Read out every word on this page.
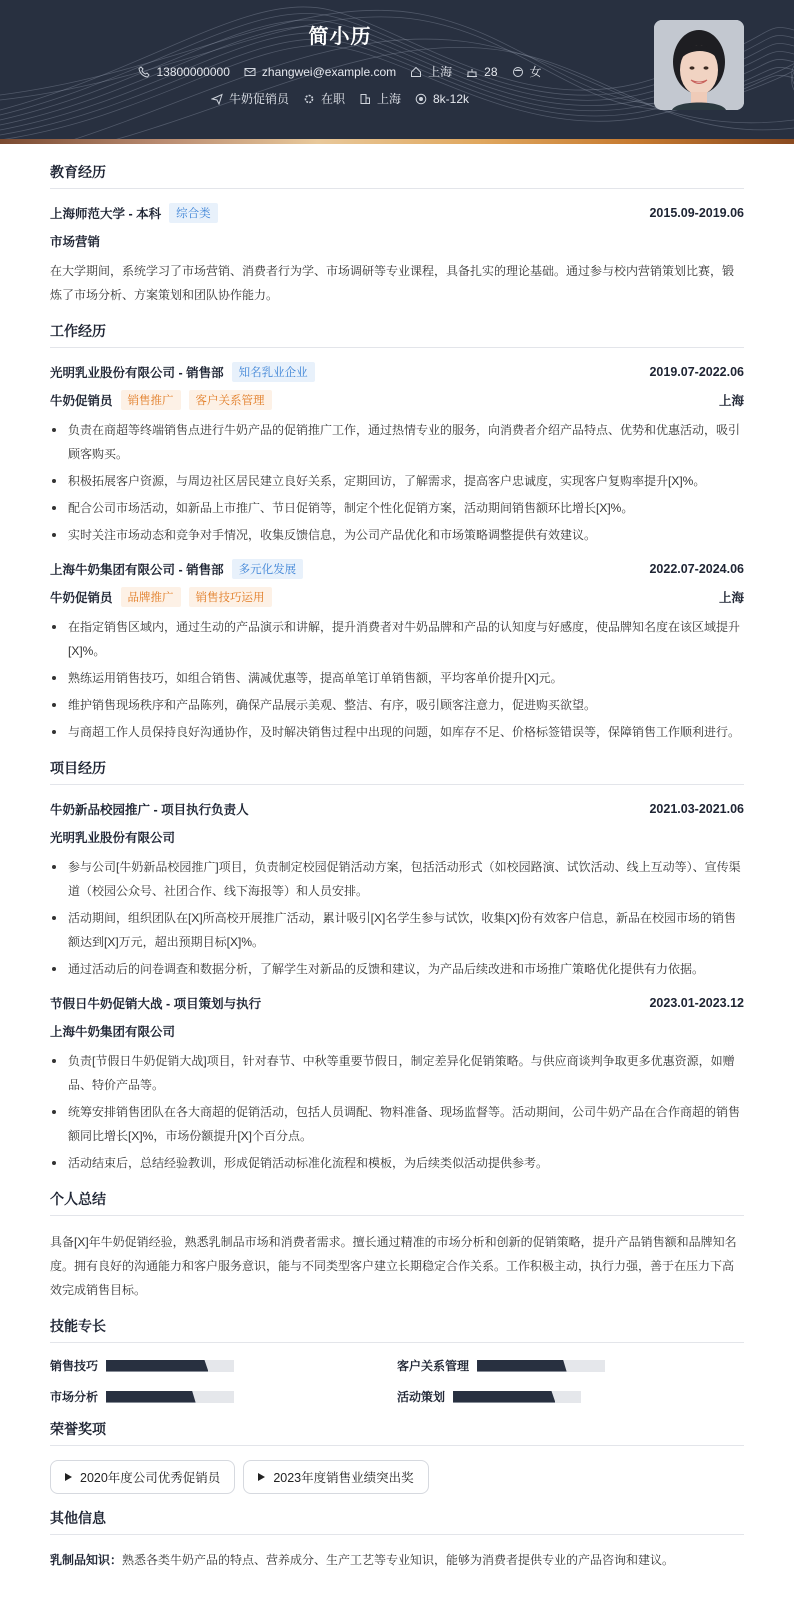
简小历
13800000000	zhangwei@example.com	上海	28	女
牛奶促销员	在职	上海	8k-12k
教育经历
上海师范大学 - 本科	综合类	2015.09-2019.06
市场营销
在大学期间，系统学习了市场营销、消费者行为学、市场调研等专业课程，具备扎实的理论基础。通过参与校内营销策划比赛，锻炼了市场分析、方案策划和团队协作能力。
工作经历
光明乳业股份有限公司 - 销售部	知名乳业企业	2019.07-2022.06
牛奶促销员	销售推广	客户关系管理	上海
负责在商超等终端销售点进行牛奶产品的促销推广工作，通过热情专业的服务，向消费者介绍产品特点、优势和优惠活动，吸引顾客购买。
积极拓展客户资源，与周边社区居民建立良好关系，定期回访，了解需求，提高客户忠诚度，实现客户复购率提升[X]%。
配合公司市场活动，如新品上市推广、节日促销等，制定个性化促销方案，活动期间销售额环比增长[X]%。
实时关注市场动态和竞争对手情况，收集反馈信息，为公司产品优化和市场策略调整提供有效建议。
上海牛奶集团有限公司 - 销售部	多元化发展	2022.07-2024.06
牛奶促销员	品牌推广	销售技巧运用	上海
在指定销售区域内，通过生动的产品演示和讲解，提升消费者对牛奶品牌和产品的认知度与好感度，使品牌知名度在该区域提升[X]%。
熟练运用销售技巧，如组合销售、满减优惠等，提高单笔订单销售额，平均客单价提升[X]元。
维护销售现场秩序和产品陈列，确保产品展示美观、整洁、有序，吸引顾客注意力，促进购买欲望。
与商超工作人员保持良好沟通协作，及时解决销售过程中出现的问题，如库存不足、价格标签错误等，保障销售工作顺利进行。
项目经历
牛奶新品校园推广 - 项目执行负责人	2021.03-2021.06
光明乳业股份有限公司
参与公司[牛奶新品校园推广]项目，负责制定校园促销活动方案，包括活动形式（如校园路演、试饮活动、线上互动等）、宣传渠道（校园公众号、社团合作、线下海报等）和人员安排。
活动期间，组织团队在[X]所高校开展推广活动，累计吸引[X]名学生参与试饮，收集[X]份有效客户信息，新品在校园市场的销售额达到[X]万元，超出预期目标[X]%。
通过活动后的问卷调查和数据分析，了解学生对新品的反馈和建议，为产品后续改进和市场推广策略优化提供有力依据。
节假日牛奶促销大战 - 项目策划与执行	2023.01-2023.12
上海牛奶集团有限公司
负责[节假日牛奶促销大战]项目，针对春节、中秋等重要节假日，制定差异化促销策略。与供应商谈判争取更多优惠资源，如赠品、特价产品等。
统筹安排销售团队在各大商超的促销活动，包括人员调配、物料准备、现场监督等。活动期间，公司牛奶产品在合作商超的销售额同比增长[X]%，市场份额提升[X]个百分点。
活动结束后，总结经验教训，形成促销活动标准化流程和模板，为后续类似活动提供参考。
个人总结
具备[X]年牛奶促销经验，熟悉乳制品市场和消费者需求。擅长通过精准的市场分析和创新的促销策略，提升产品销售额和品牌知名度。拥有良好的沟通能力和客户服务意识，能与不同类型客户建立长期稳定合作关系。工作积极主动，执行力强，善于在压力下高效完成销售目标。
技能专长
销售技巧	客户关系管理
市场分析	活动策划
荣誉奖项
2020年度公司优秀促销员	2023年度销售业绩突出奖
其他信息
乳制品知识：熟悉各类牛奶产品的特点、营养成分、生产工艺等专业知识，能够为消费者提供专业的产品咨询和建议。
